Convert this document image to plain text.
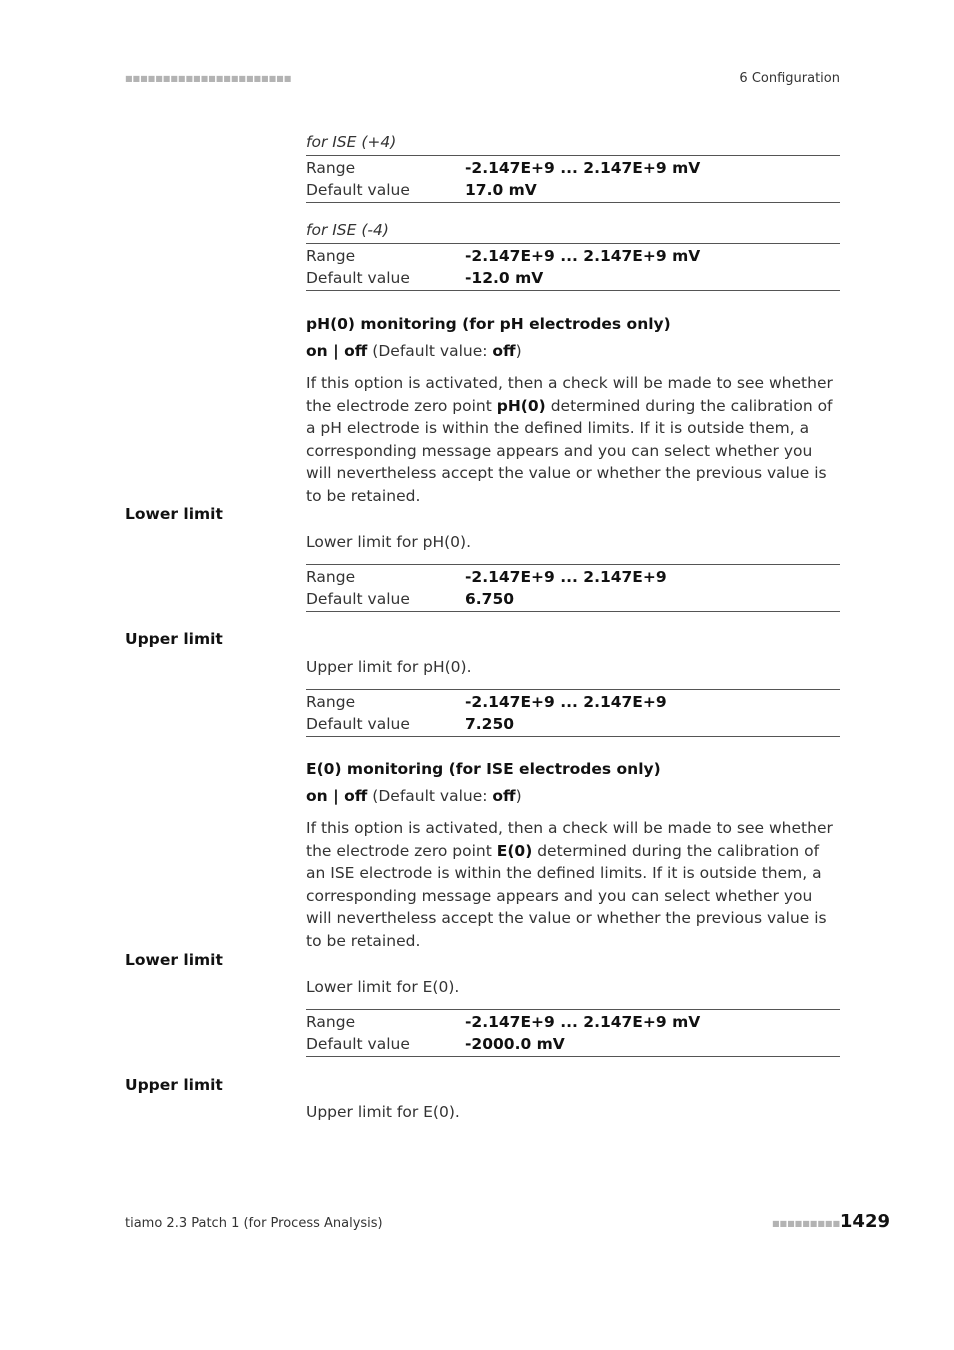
■■■■■■■■■■■■■■■■■■■■■■	6 Configuration
for ISE (+4)
Range	-2.147E+9 ... 2.147E+9 mV
Default value	17.0 mV
for ISE (-4)
Range	-2.147E+9 ... 2.147E+9 mV
Default value	-12.0 mV
pH(0) monitoring (for pH electrodes only)
on | off (Default value: off)
If this option is activated, then a check will be made to see whether the electrode zero point pH(0) determined during the calibration of a pH electrode is within the defined limits. If it is outside them, a corresponding message appears and you can select whether you will nevertheless accept the value or whether the previous value is to be retained.
Lower limit
Lower limit for pH(0).
Range	-2.147E+9 ... 2.147E+9
Default value	6.750
Upper limit
Upper limit for pH(0).
Range	-2.147E+9 ... 2.147E+9
Default value	7.250
E(0) monitoring (for ISE electrodes only)
on | off (Default value: off)
If this option is activated, then a check will be made to see whether the electrode zero point E(0) determined during the calibration of an ISE electrode is within the defined limits. If it is outside them, a corresponding message appears and you can select whether you will nevertheless accept the value or whether the previous value is to be retained.
Lower limit
Lower limit for E(0).
Range	-2.147E+9 ... 2.147E+9 mV
Default value	-2000.0 mV
Upper limit
Upper limit for E(0).
tiamo 2.3 Patch 1 (for Process Analysis)	■■■■■■■■■ 1429
